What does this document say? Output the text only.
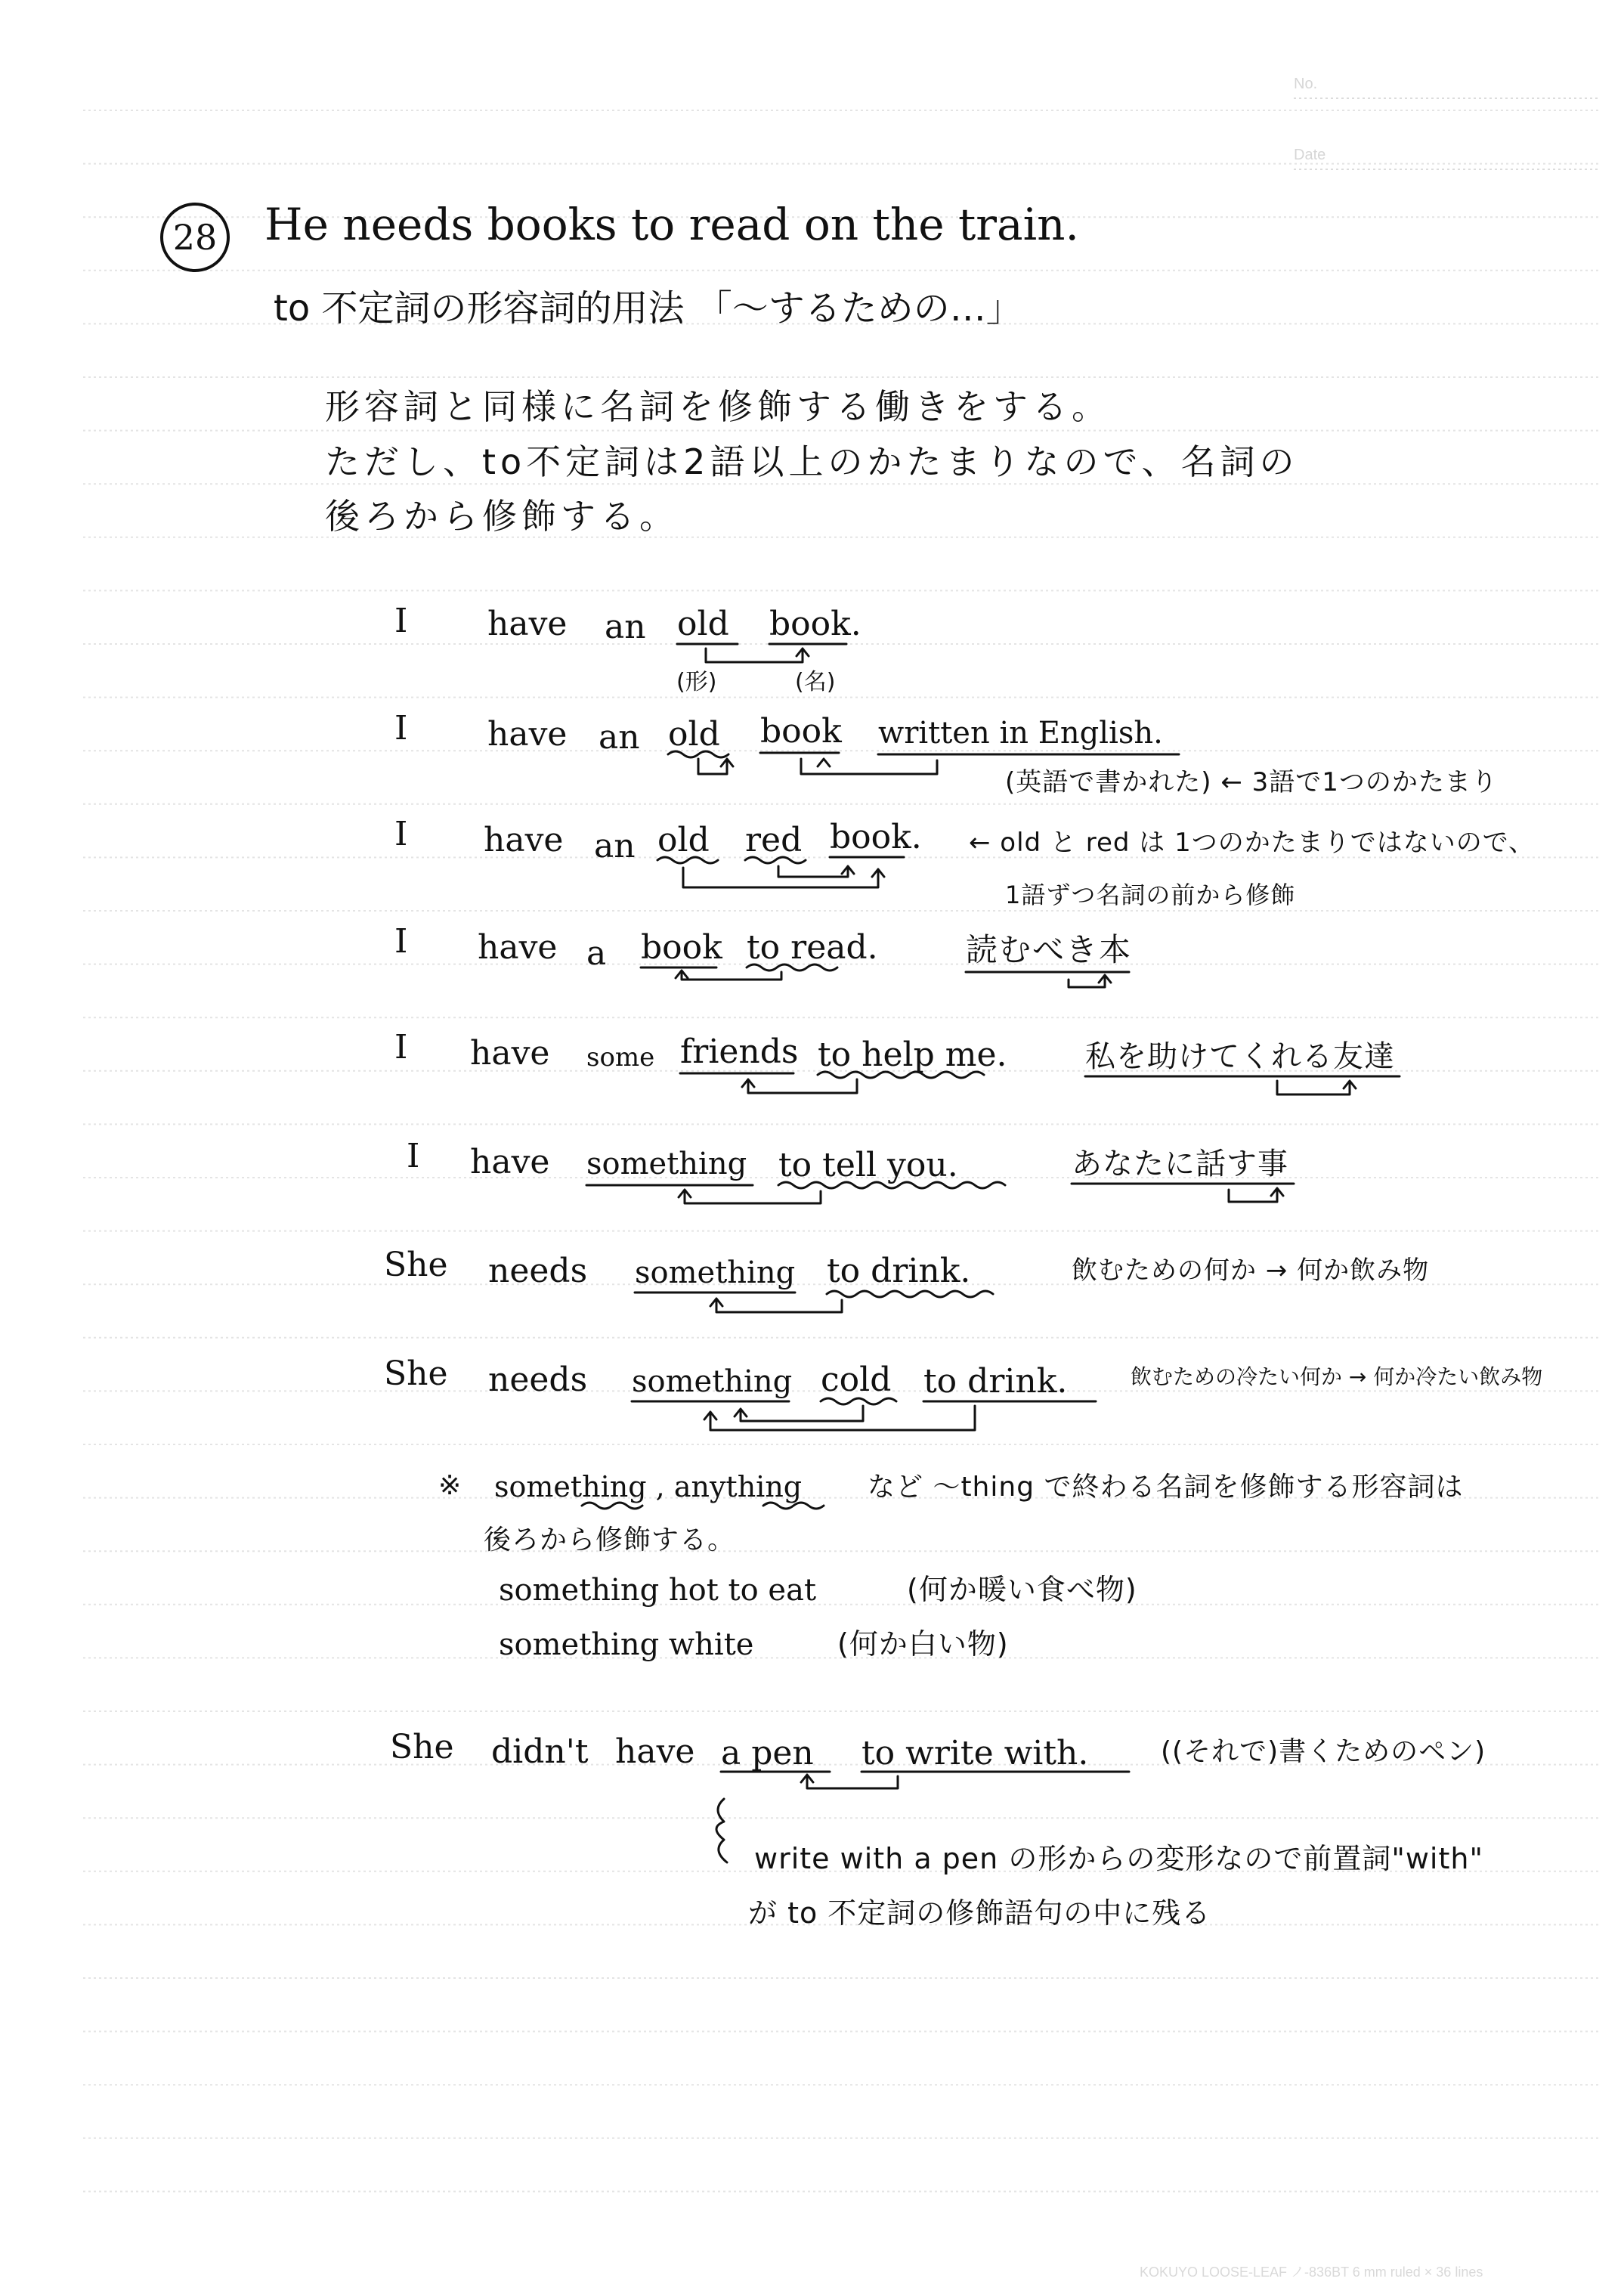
No.
Date
28 He needs books to read on the train.
to 不定詞の形容詞的用法 「～するための…」
形容詞と同様に名詞を修飾する働きをする。
ただし、to不定詞は2語以上のかたまりなので、名詞の
後ろから修飾する。
I have an old book.
(形)	(名)
I have an old book written in English.
(英語で書かれた) ← 3語で1つのかたまり
I have an old red book. ← old と red は 1つのかたまりではないので、
1語ずつ名詞の前から修飾
I have a book to read.	読むべき本
I have some friends to help me.	私を助けてくれる友達
I have something to tell you.	あなたに話す事
She needs something to drink.	飲むための何か → 何か飲み物
She needs something cold to drink.	飲むための冷たい何か → 何か冷たい飲み物
※ something , anything など ～thing で終わる名詞を修飾する形容詞は
後ろから修飾する。
something hot to eat	(何か暖い食べ物)
something white	(何か白い物)
She didn't have a pen to write with.	((それで)書くためのペン)
write with a pen の形からの変形なので前置詞"with"
が to 不定詞の修飾語句の中に残る
KOKUYO LOOSE-LEAF ノ-836BT 6 mm ruled × 36 lines
